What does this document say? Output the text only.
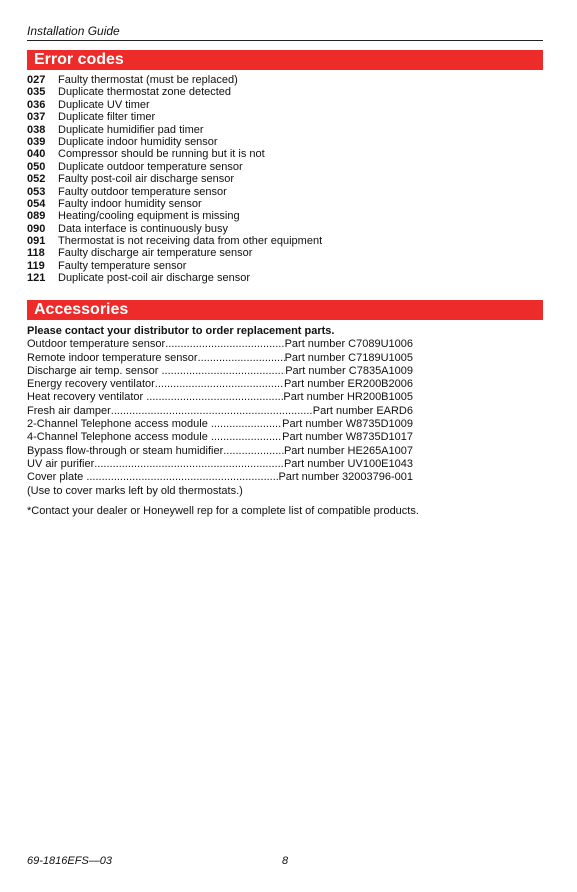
Installation Guide
Error codes
027 Faulty thermostat (must be replaced)
035 Duplicate thermostat zone detected
036 Duplicate UV timer
037 Duplicate filter timer
038 Duplicate humidifier pad timer
039 Duplicate indoor humidity sensor
040 Compressor should be running but it is not
050 Duplicate outdoor temperature sensor
052 Faulty post-coil air discharge sensor
053 Faulty outdoor temperature sensor
054 Faulty indoor humidity sensor
089 Heating/cooling equipment is missing
090 Data interface is continuously busy
091 Thermostat is not receiving data from other equipment
118 Faulty discharge air temperature sensor
119 Faulty temperature sensor
121 Duplicate post-coil air discharge sensor
Accessories
Please contact your distributor to order replacement parts.
Outdoor temperature sensor .....	Part number C7089U1006
Remote indoor temperature sensor .....	Part number C7189U1005
Discharge air temp. sensor .....	Part number C7835A1009
Energy recovery ventilator .....	Part number ER200B2006
Heat recovery ventilator .....	Part number HR200B1005
Fresh air damper .....	Part number EARD6
2-Channel Telephone access module .....	Part number W8735D1009
4-Channel Telephone access module .....	Part number W8735D1017
Bypass flow-through or steam humidifier .....	Part number HE265A1007
UV air purifier .....	Part number UV100E1043
Cover plate .....	Part number 32003796-001
(Use to cover marks left by old thermostats.)
*Contact your dealer or Honeywell rep for a complete list of compatible products.
69-1816EFS—03	8
